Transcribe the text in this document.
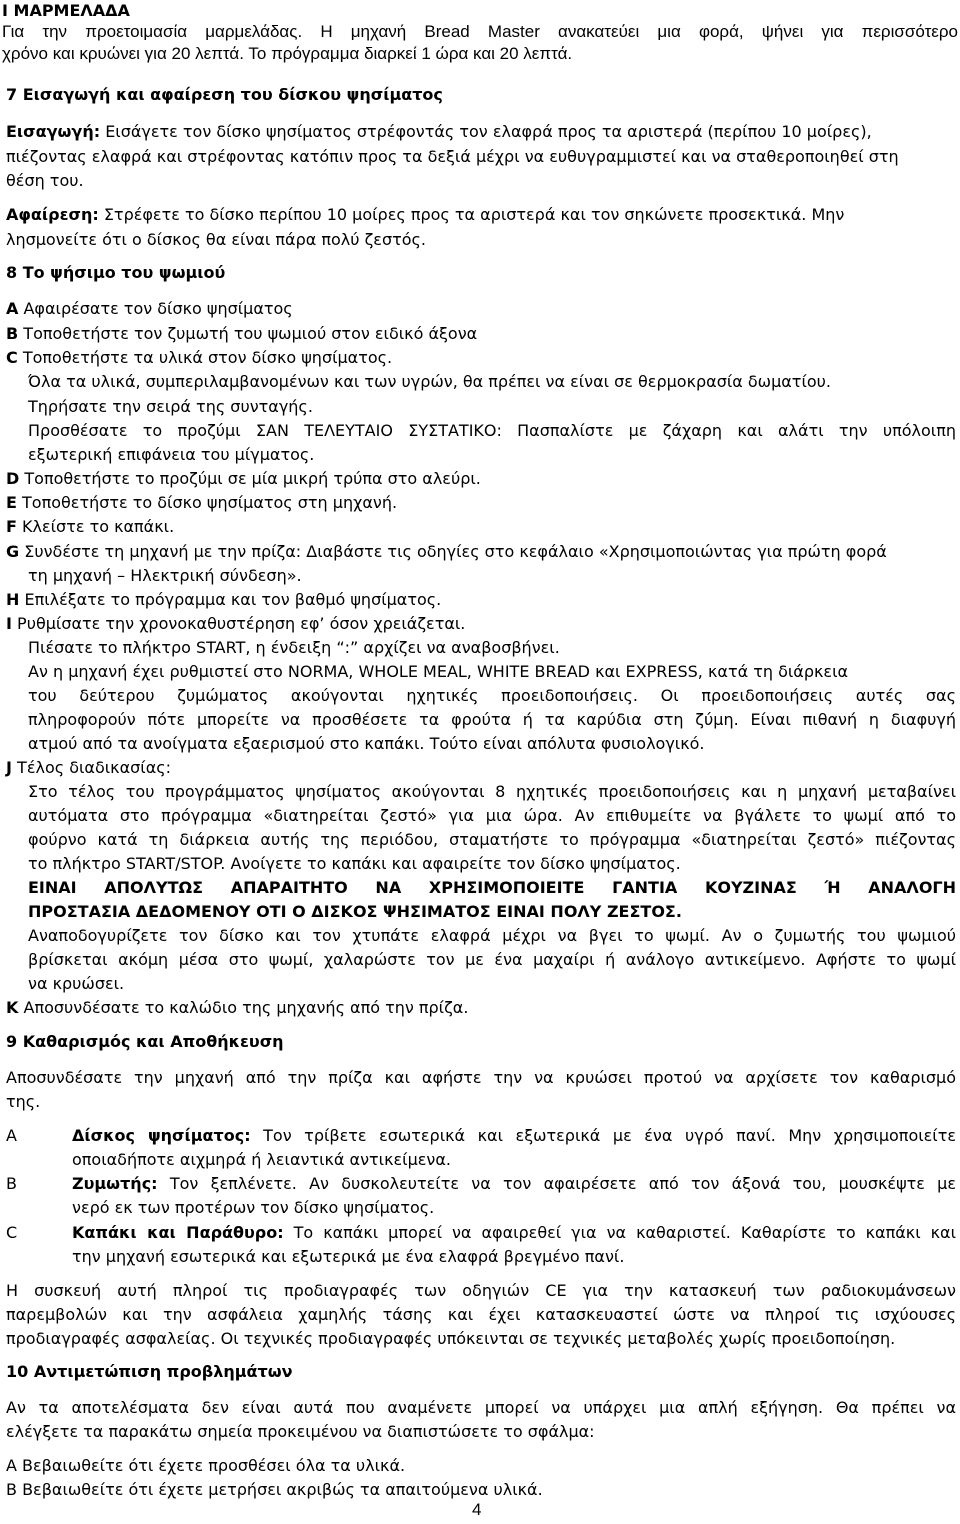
I ΜΑΡΜΕΛΑΔΑ
Για την προετοιμασία μαρμελάδας. Η μηχανή Bread Master ανακατεύει μια φορά, ψήνει για περισσότερο
χρόνο και κρυώνει για 20 λεπτά. Το πρόγραμμα διαρκεί 1 ώρα και 20 λεπτά.
7 Εισαγωγή και αφαίρεση του δίσκου ψησίματος
Εισαγωγή: Εισάγετε τον δίσκο ψησίματος στρέφοντάς τον ελαφρά προς τα αριστερά (περίπου 10 μοίρες),
πιέζοντας ελαφρά και στρέφοντας κατόπιν προς τα δεξιά μέχρι να ευθυγραμμιστεί και να σταθεροποιηθεί στη
θέση του.
Αφαίρεση: Στρέφετε το δίσκο περίπου 10 μοίρες προς τα αριστερά και τον σηκώνετε προσεκτικά. Μην
λησμονείτε ότι ο δίσκος θα είναι πάρα πολύ ζεστός.
8 Το ψήσιμο του ψωμιού
A Αφαιρέσατε τον δίσκο ψησίματος
B Τοποθετήστε τον ζυμωτή του ψωμιού στον ειδικό άξονα
C Τοποθετήστε τα υλικά στον δίσκο ψησίματος.
Όλα τα υλικά, συμπεριλαμβανομένων και των υγρών, θα πρέπει να είναι σε θερμοκρασία δωματίου.
Τηρήσατε την σειρά της συνταγής.
Προσθέσατε το προζύμι ΣΑΝ ΤΕΛΕΥΤΑΙΟ ΣΥΣΤΑΤΙΚΟ: Πασπαλίστε με ζάχαρη και αλάτι την υπόλοιπη
εξωτερική επιφάνεια του μίγματος.
D Τοποθετήστε το προζύμι σε μία μικρή τρύπα στο αλεύρι.
E Τοποθετήστε το δίσκο ψησίματος στη μηχανή.
F Κλείστε το καπάκι.
G Συνδέστε τη μηχανή με την πρίζα: Διαβάστε τις οδηγίες στο κεφάλαιο «Χρησιμοποιώντας για πρώτη φορά
τη μηχανή – Ηλεκτρική σύνδεση».
H Επιλέξατε το πρόγραμμα και τον βαθμό ψησίματος.
I Ρυθμίσατε την χρονοκαθυστέρηση εφ’ όσον χρειάζεται.
Πιέσατε το πλήκτρο START, η ένδειξη “:” αρχίζει να αναβοσβήνει.
Αν η μηχανή έχει ρυθμιστεί στο NORMA, WHOLE MEAL, WHITE BREAD και EXPRESS, κατά τη διάρκεια
του δεύτερου ζυμώματος ακούγονται ηχητικές προειδοποιήσεις. Οι προειδοποιήσεις αυτές σας
πληροφορούν πότε μπορείτε να προσθέσετε τα φρούτα ή τα καρύδια στη ζύμη. Είναι πιθανή η διαφυγή
ατμού από τα ανοίγματα εξαερισμού στο καπάκι. Τούτο είναι απόλυτα φυσιολογικό.
J Τέλος διαδικασίας:
Στο τέλος του προγράμματος ψησίματος ακούγονται 8 ηχητικές προειδοποιήσεις και η μηχανή μεταβαίνει
αυτόματα στο πρόγραμμα «διατηρείται ζεστό» για μια ώρα. Αν επιθυμείτε να βγάλετε το ψωμί από το
φούρνο κατά τη διάρκεια αυτής της περιόδου, σταματήστε το πρόγραμμα «διατηρείται ζεστό» πιέζοντας
το πλήκτρο START/STOP. Ανοίγετε το καπάκι και αφαιρείτε τον δίσκο ψησίματος.
ΕΙΝΑΙ ΑΠΟΛΥΤΩΣ ΑΠΑΡΑΙΤΗΤΟ ΝΑ ΧΡΗΣΙΜΟΠΟΙΕΙΤΕ ΓΑΝΤΙΑ ΚΟΥΖΙΝΑΣ Ή ΑΝΑΛΟΓΗ
ΠΡΟΣΤΑΣΙΑ ΔΕΔΟΜΕΝΟΥ ΟΤΙ Ο ΔΙΣΚΟΣ ΨΗΣΙΜΑΤΟΣ ΕΙΝΑΙ ΠΟΛΥ ΖΕΣΤΟΣ.
Αναποδογυρίζετε τον δίσκο και τον χτυπάτε ελαφρά μέχρι να βγει το ψωμί. Αν ο ζυμωτής του ψωμιού
βρίσκεται ακόμη μέσα στο ψωμί, χαλαρώστε τον με ένα μαχαίρι ή ανάλογο αντικείμενο. Αφήστε το ψωμί
να κρυώσει.
K Αποσυνδέσατε το καλώδιο της μηχανής από την πρίζα.
9 Καθαρισμός και Αποθήκευση
Αποσυνδέσατε την μηχανή από την πρίζα και αφήστε την να κρυώσει προτού να αρχίσετε τον καθαρισμό
της.
A	Δίσκος ψησίματος: Τον τρίβετε εσωτερικά και εξωτερικά με ένα υγρό πανί. Μην χρησιμοποιείτε
οποιαδήποτε αιχμηρά ή λειαντικά αντικείμενα.
B	Ζυμωτής: Τον ξεπλένετε. Αν δυσκολευτείτε να τον αφαιρέσετε από τον άξονά του, μουσκέψτε με
νερό εκ των προτέρων τον δίσκο ψησίματος.
C	Καπάκι και Παράθυρο: Το καπάκι μπορεί να αφαιρεθεί για να καθαριστεί. Καθαρίστε το καπάκι και
την μηχανή εσωτερικά και εξωτερικά με ένα ελαφρά βρεγμένο πανί.
Η συσκευή αυτή πληροί τις προδιαγραφές των οδηγιών CE για την κατασκευή των ραδιοκυμάνσεων
παρεμβολών και την ασφάλεια χαμηλής τάσης και έχει κατασκευαστεί ώστε να πληροί τις ισχύουσες
προδιαγραφές ασφαλείας. Οι τεχνικές προδιαγραφές υπόκεινται σε τεχνικές μεταβολές χωρίς προειδοποίηση.
10 Αντιμετώπιση προβλημάτων
Αν τα αποτελέσματα δεν είναι αυτά που αναμένετε μπορεί να υπάρχει μια απλή εξήγηση. Θα πρέπει να
ελέγξετε τα παρακάτω σημεία προκειμένου να διαπιστώσετε το σφάλμα:
A Βεβαιωθείτε ότι έχετε προσθέσει όλα τα υλικά.
B Βεβαιωθείτε ότι έχετε μετρήσει ακριβώς τα απαιτούμενα υλικά.
4
